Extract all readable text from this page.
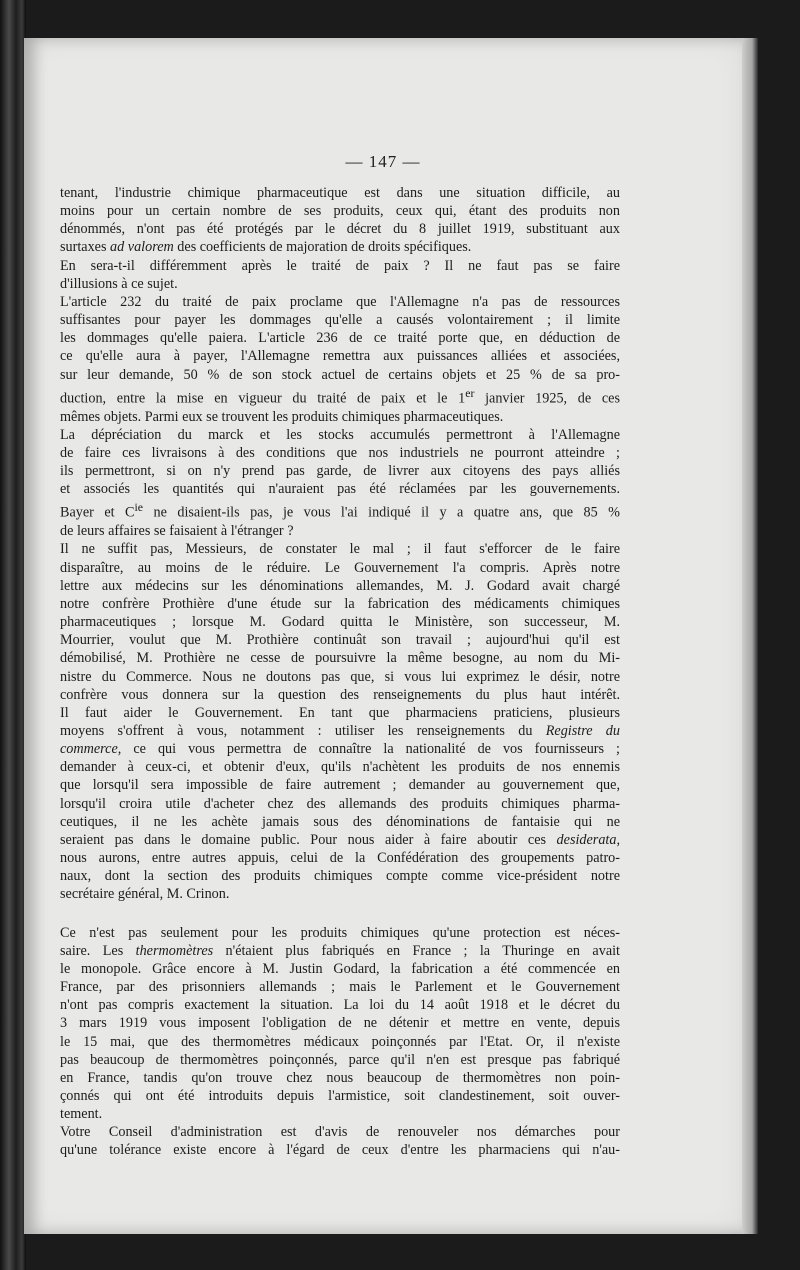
— 147 —
tenant, l'industrie chimique pharmaceutique est dans une situation difficile, au
moins pour un certain nombre de ses produits, ceux qui, étant des produits non
dénommés, n'ont pas été protégés par le décret du 8 juillet 1919, substituant aux
surtaxes ad valorem des coefficients de majoration de droits spécifiques.
En sera-t-il différemment après le traité de paix ? Il ne faut pas se faire
d'illusions à ce sujet.
L'article 232 du traité de paix proclame que l'Allemagne n'a pas de ressources
suffisantes pour payer les dommages qu'elle a causés volontairement ; il limite
les dommages qu'elle paiera. L'article 236 de ce traité porte que, en déduction de
ce qu'elle aura à payer, l'Allemagne remettra aux puissances alliées et associées,
sur leur demande, 50 % de son stock actuel de certains objets et 25 % de sa pro-
duction, entre la mise en vigueur du traité de paix et le 1er janvier 1925, de ces
mêmes objets. Parmi eux se trouvent les produits chimiques pharmaceutiques.
La dépréciation du marck et les stocks accumulés permettront à l'Allemagne
de faire ces livraisons à des conditions que nos industriels ne pourront atteindre ;
ils permettront, si on n'y prend pas garde, de livrer aux citoyens des pays alliés
et associés les quantités qui n'auraient pas été réclamées par les gouvernements.
Bayer et $C^{ie}$ ne disaient-ils pas, je vous l'ai indiqué il y a quatre ans, que 85 %
de leurs affaires se faisaient à l'étranger ?
Il ne suffit pas, Messieurs, de constater le mal ; il faut s'efforcer de le faire
disparaître, au moins de le réduire. Le Gouvernement l'a compris. Après notre
lettre aux médecins sur les dénominations allemandes, M. J. Godard avait chargé
notre confrère Prothière d'une étude sur la fabrication des médicaments chimiques
pharmaceutiques ; lorsque M. Godard quitta le Ministère, son successeur, M.
Mourrier, voulut que M. Prothière continuât son travail ; aujourd'hui qu'il est
démobilisé, M. Prothière ne cesse de poursuivre la même besogne, au nom du Mi-
nistre du Commerce. Nous ne doutons pas que, si vous lui exprimez le désir, notre
confrère vous donnera sur la question des renseignements du plus haut intérêt.
Il faut aider le Gouvernement. En tant que pharmaciens praticiens, plusieurs
moyens s'offrent à vous, notamment : utiliser les renseignements du Registre du
commerce, ce qui vous permettra de connaître la nationalité de vos fournisseurs ;
demander à ceux-ci, et obtenir d'eux, qu'ils n'achètent les produits de nos ennemis
que lorsqu'il sera impossible de faire autrement ; demander au gouvernement que,
lorsqu'il croira utile d'acheter chez des allemands des produits chimiques pharma-
ceutiques, il ne les achète jamais sous des dénominations de fantaisie qui ne
seraient pas dans le domaine public. Pour nous aider à faire aboutir ces desiderata,
nous aurons, entre autres appuis, celui de la Confédération des groupements patro-
naux, dont la section des produits chimiques compte comme vice-président notre
secrétaire général, M. Crinon.
Ce n'est pas seulement pour les produits chimiques qu'une protection est néces-
saire. Les thermomètres n'étaient plus fabriqués en France ; la Thuringe en avait
le monopole. Grâce encore à M. Justin Godard, la fabrication a été commencée en
France, par des prisonniers allemands ; mais le Parlement et le Gouvernement
n'ont pas compris exactement la situation. La loi du 14 août 1918 et le décret du
3 mars 1919 vous imposent l'obligation de ne détenir et mettre en vente, depuis
le 15 mai, que des thermomètres médicaux poinçonnés par l'Etat. Or, il n'existe
pas beaucoup de thermomètres poinçonnés, parce qu'il n'en est presque pas fabriqué
en France, tandis qu'on trouve chez nous beaucoup de thermomètres non poin-
çonnés qui ont été introduits depuis l'armistice, soit clandestinement, soit ouver-
tement.
Votre Conseil d'administration est d'avis de renouveler nos démarches pour
qu'une tolérance existe encore à l'égard de ceux d'entre les pharmaciens qui n'au-
